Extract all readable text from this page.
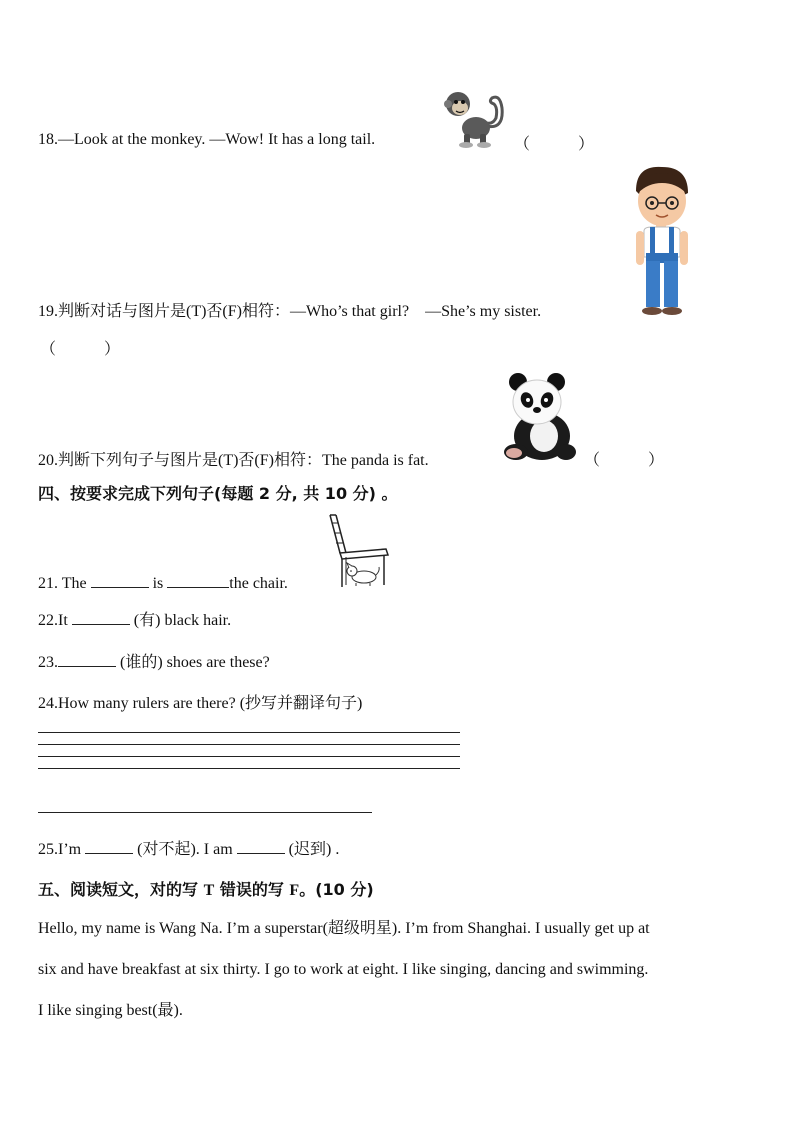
18.—Look at the monkey. —Wow! It has a long tail.	（　　　）
19.判断对话与图片是(T)否(F)相符：—Who’s that girl?　—She’s my sister.
（　　　）
20.判断下列句子与图片是(T)否(F)相符：The panda is fat.	（　　　）
四、按要求完成下列句子(每题 2 分, 共 10 分) 。
21. The	is	the chair.
22.It	(有) black hair.
23.	(谁的) shoes are these?
24.How many rulers are there? (抄写并翻译句子)
25.I’m	(对不起). I am	(迟到) .
五、阅读短文，对的写 T 错误的写 F。(10 分)
Hello, my name is Wang Na. I’m a superstar(超级明星). I’m from Shanghai. I usually get up at
six and have breakfast at six thirty. I go to work at eight. I like singing, dancing and swimming.
I like singing best(最).
